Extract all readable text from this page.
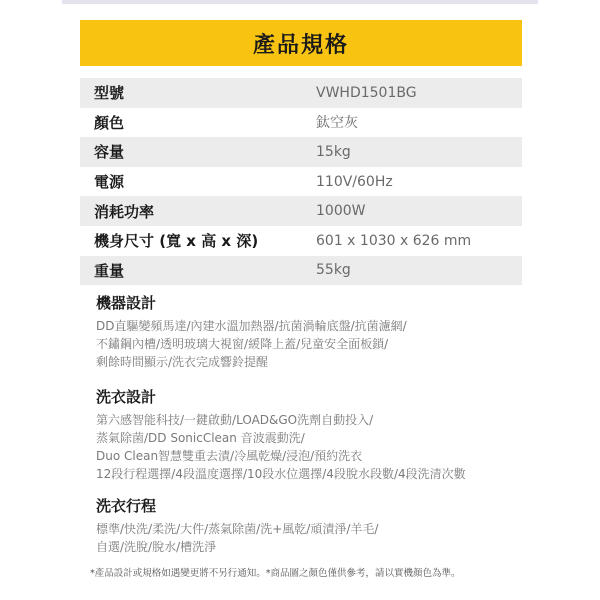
產品規格
型號	VWHD1501BG
顏色	鈦空灰
容量	15kg
電源	110V/60Hz
消耗功率	1000W
機身尺寸 (寬 x 高 x 深)	601 x 1030 x 626 mm
重量	55kg
機器設計
DD直驅變頻馬達/內建水溫加熱器/抗菌渦輪底盤/抗菌濾網/
不鏽鋼內槽/透明玻璃大視窗/緩降上蓋/兒童安全面板鎖/
剩餘時間顯示/洗衣完成響鈴提醒
洗衣設計
第六感智能科技/一鍵啟動/LOAD&GO洗劑自動投入/
蒸氣除菌/DD SonicClean 音波震動洗/
Duo Clean智慧雙重去漬/冷風乾燥/浸泡/預約洗衣
12段行程選擇/4段溫度選擇/10段水位選擇/4段脫水段數/4段洗清次數
洗衣行程
標準/快洗/柔洗/大件/蒸氣除菌/洗+風乾/頑漬淨/羊毛/
自選/洗脫/脫水/槽洗淨
*產品設計或規格如遇變更將不另行通知。*商品圖之顏色僅供參考，請以實機顏色為準。
